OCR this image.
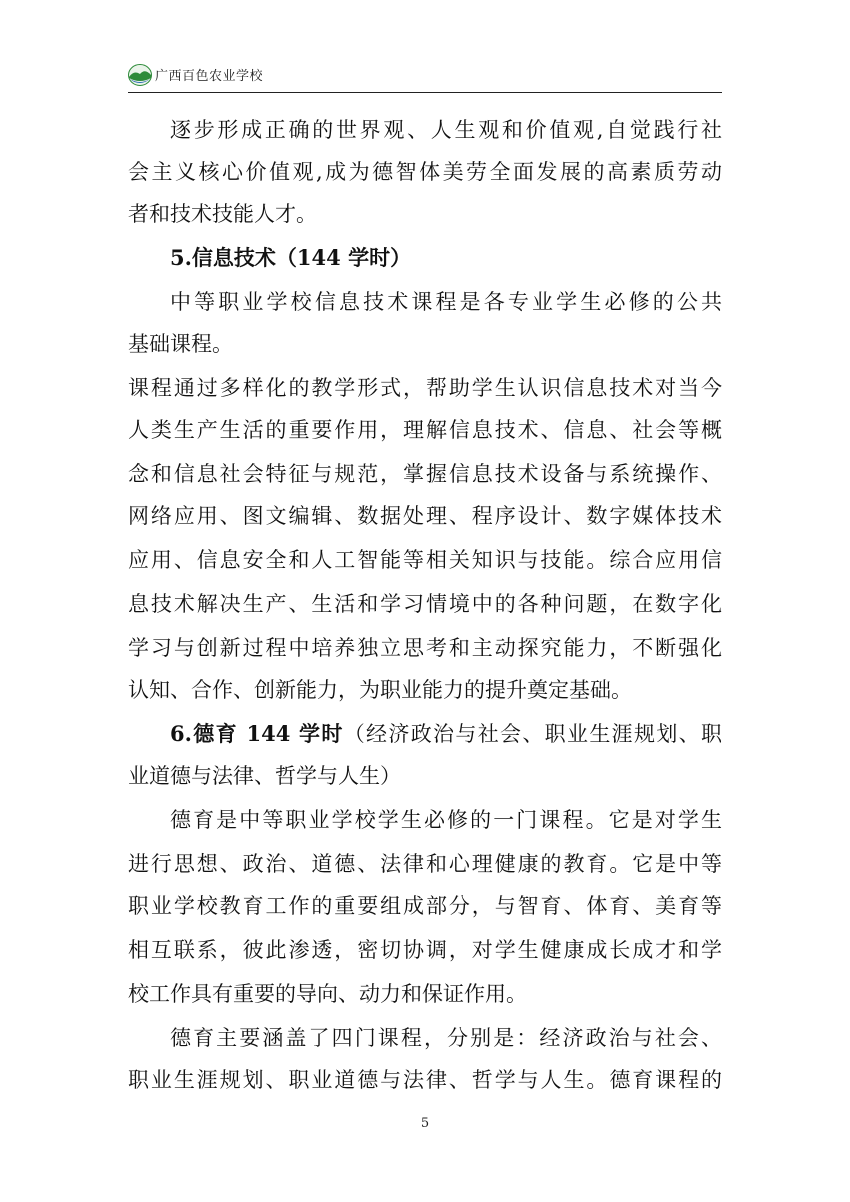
广西百色农业学校
逐步形成正确的世界观、人生观和价值观,自觉践行社
会主义核心价值观,成为德智体美劳全面发展的高素质劳动
者和技术技能人才。
5.信息技术（144 学时）
中等职业学校信息技术课程是各专业学生必修的公共
基础课程。
课程通过多样化的教学形式，帮助学生认识信息技术对当今
人类生产生活的重要作用，理解信息技术、信息、社会等概
念和信息社会特征与规范，掌握信息技术设备与系统操作、
网络应用、图文编辑、数据处理、程序设计、数字媒体技术
应用、信息安全和人工智能等相关知识与技能。综合应用信
息技术解决生产、生活和学习情境中的各种问题，在数字化
学习与创新过程中培养独立思考和主动探究能力，不断强化
认知、合作、创新能力，为职业能力的提升奠定基础。
6.德育 144 学时（经济政治与社会、职业生涯规划、职
业道德与法律、哲学与人生）
德育是中等职业学校学生必修的一门课程。它是对学生
进行思想、政治、道德、法律和心理健康的教育。它是中等
职业学校教育工作的重要组成部分，与智育、体育、美育等
相互联系，彼此渗透，密切协调，对学生健康成长成才和学
校工作具有重要的导向、动力和保证作用。
德育主要涵盖了四门课程，分别是：经济政治与社会、
职业生涯规划、职业道德与法律、哲学与人生。德育课程的
5
